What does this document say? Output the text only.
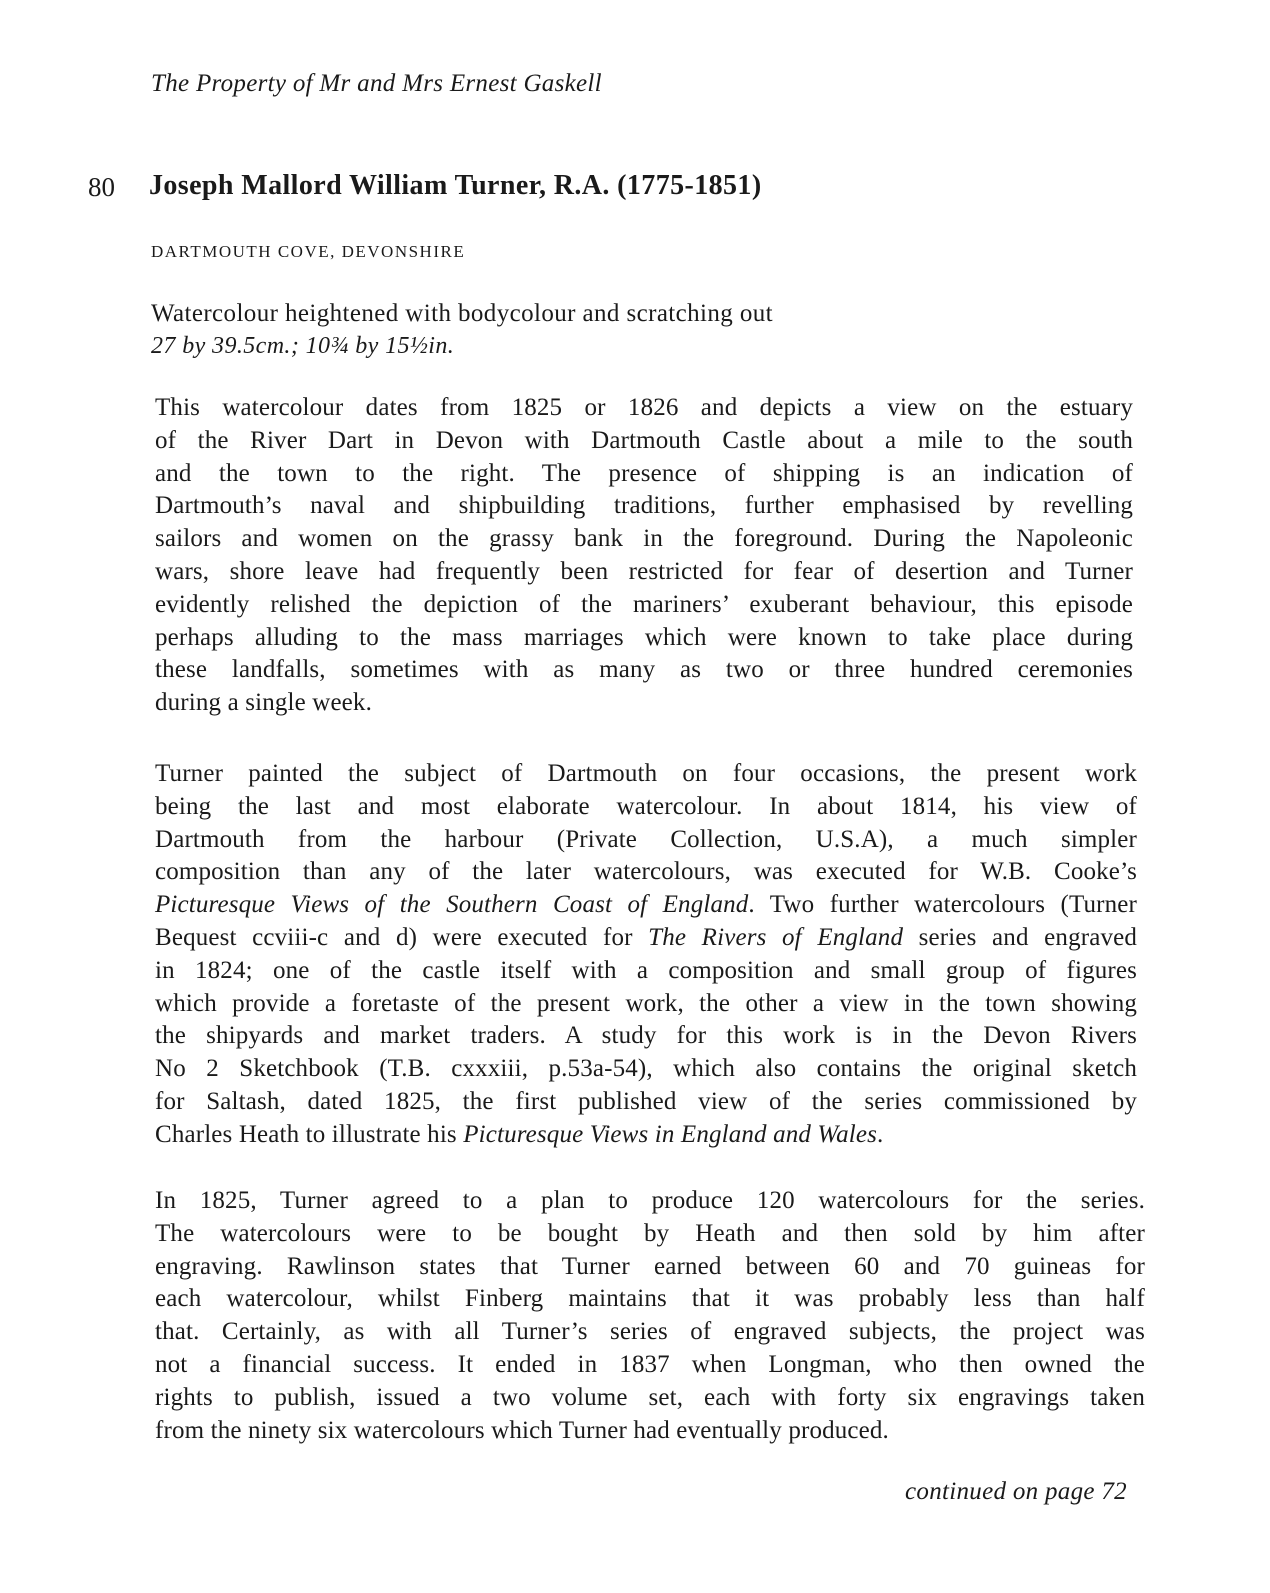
The Property of Mr and Mrs Ernest Gaskell
80 Joseph Mallord William Turner, R.A. (1775-1851)
DARTMOUTH COVE, DEVONSHIRE
Watercolour heightened with bodycolour and scratching out
27 by 39.5cm.; 10¾ by 15½in.
This watercolour dates from 1825 or 1826 and depicts a view on the estuary
of the River Dart in Devon with Dartmouth Castle about a mile to the south
and the town to the right. The presence of shipping is an indication of
Dartmouth’s naval and shipbuilding traditions, further emphasised by revelling
sailors and women on the grassy bank in the foreground. During the Napoleonic
wars, shore leave had frequently been restricted for fear of desertion and Turner
evidently relished the depiction of the mariners’ exuberant behaviour, this episode
perhaps alluding to the mass marriages which were known to take place during
these landfalls, sometimes with as many as two or three hundred ceremonies
during a single week.
Turner painted the subject of Dartmouth on four occasions, the present work
being the last and most elaborate watercolour. In about 1814, his view of
Dartmouth from the harbour (Private Collection, U.S.A), a much simpler
composition than any of the later watercolours, was executed for W.B. Cooke’s
Picturesque Views of the Southern Coast of England. Two further watercolours (Turner
Bequest ccviii-c and d) were executed for The Rivers of England series and engraved
in 1824; one of the castle itself with a composition and small group of figures
which provide a foretaste of the present work, the other a view in the town showing
the shipyards and market traders. A study for this work is in the Devon Rivers
No 2 Sketchbook (T.B. cxxxiii, p.53a-54), which also contains the original sketch
for Saltash, dated 1825, the first published view of the series commissioned by
Charles Heath to illustrate his Picturesque Views in England and Wales.
In 1825, Turner agreed to a plan to produce 120 watercolours for the series.
The watercolours were to be bought by Heath and then sold by him after
engraving. Rawlinson states that Turner earned between 60 and 70 guineas for
each watercolour, whilst Finberg maintains that it was probably less than half
that. Certainly, as with all Turner’s series of engraved subjects, the project was
not a financial success. It ended in 1837 when Longman, who then owned the
rights to publish, issued a two volume set, each with forty six engravings taken
from the ninety six watercolours which Turner had eventually produced.
continued on page 72
